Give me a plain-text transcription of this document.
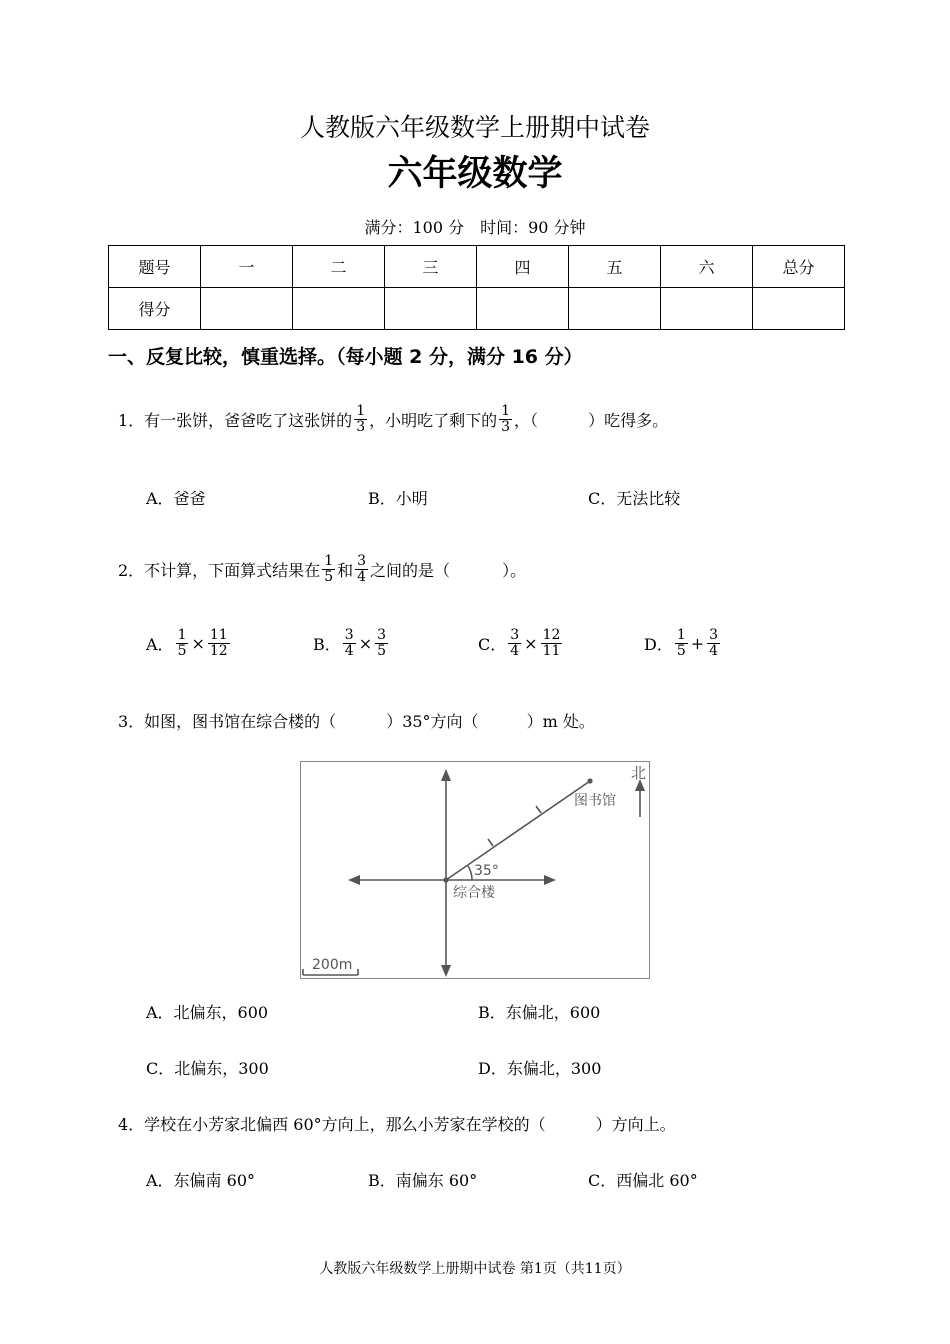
人教版六年级数学上册期中试卷
六年级数学
满分：100 分　时间：90 分钟
题号	一	二	三	四	五	六	总分
得分							
一、反复比较，慎重选择。（每小题 2 分，满分 16 分）
1．有一张饼，爸爸吃了这张饼的 $\frac{1}{3}$ ，小明吃了剩下的 $\frac{1}{3}$ ，（	）吃得多。
A．爸爸	B．小明	C．无法比较
2．不计算，下面算式结果在 $\frac{1}{5}$ 和 $\frac{3}{4}$ 之间的是（	）。
A． $\frac{1}{5} \times \frac{11}{12}$	B． $\frac{3}{4} \times \frac{3}{5}$	C． $\frac{3}{4} \times \frac{12}{11}$	D． $\frac{1}{5} + \frac{3}{4}$
3．如图，图书馆在综合楼的（	）35°方向（	）m 处。
北
图书馆
综合楼
35°
200m
A．北偏东，600	B．东偏北，600
C．北偏东，300	D．东偏北，300
4．学校在小芳家北偏西 60°方向上，那么小芳家在学校的（	）方向上。
A．东偏南 60°	B．南偏东 60°	C．西偏北 60°
人教版六年级数学上册期中试卷 第1页（共11页）
